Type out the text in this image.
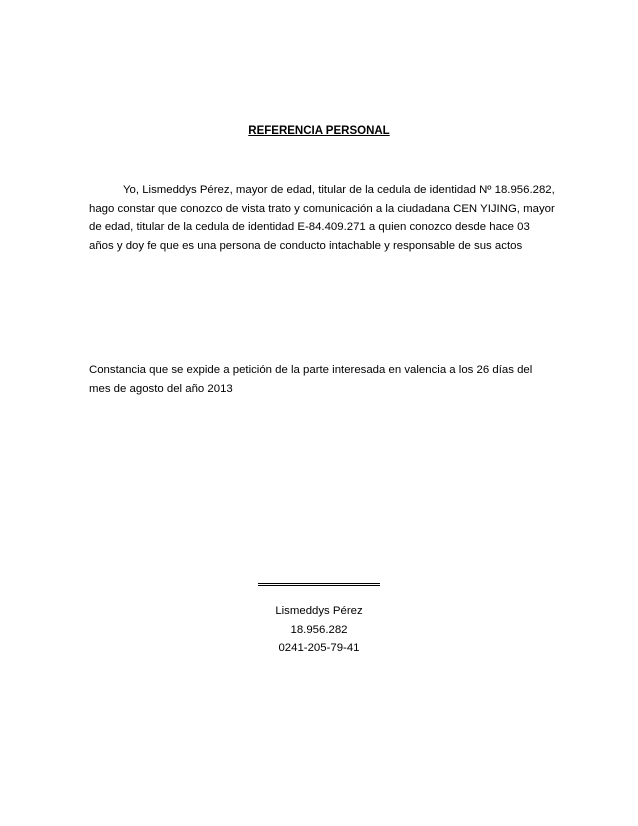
REFERENCIA PERSONAL
Yo, Lismeddys Pérez, mayor de edad, titular de la cedula de identidad Nº 18.956.282, hago constar que conozco de vista trato y comunicación a la ciudadana CEN YIJING, mayor de edad, titular de la cedula de identidad E-84.409.271 a quien conozco desde hace 03 años y doy fe que es una persona de conducto intachable y responsable de sus actos
Constancia que se expide a petición de la parte interesada en valencia a los 26 días del mes de agosto del año 2013
Lismeddys Pérez
18.956.282
0241-205-79-41
